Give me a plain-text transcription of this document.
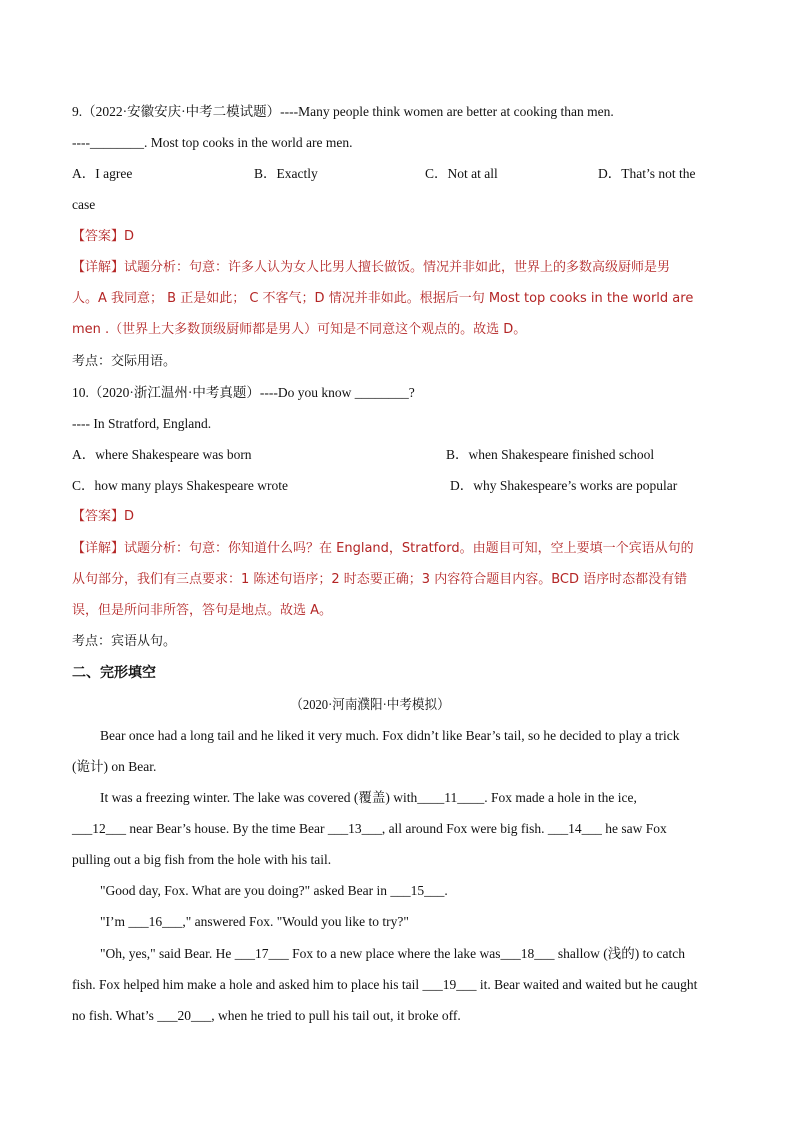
9.（2022·安徽安庆·中考二模试题）----Many people think women are better at cooking than men.
----________. Most top cooks in the world are men.
A．I agree	B．Exactly	C．Not at all	D．That’s not the
case
【答案】D
【详解】试题分析：句意：许多人认为女人比男人擅长做饭。情况并非如此，世界上的多数高级厨师是男
人。A 我同意； B 正是如此； C 不客气；D 情况并非如此。根据后一句 Most top cooks in the world are
men .（世界上大多数顶级厨师都是男人）可知是不同意这个观点的。故选 D。
考点：交际用语。
10.（2020·浙江温州·中考真题）----Do you know ________?
---- In Stratford, England.
A．where Shakespeare was born	B．when Shakespeare finished school
C．how many plays Shakespeare wrote	D．why Shakespeare’s works are popular
【答案】D
【详解】试题分析：句意：你知道什么吗？在 England，Stratford。由题目可知，空上要填一个宾语从句的
从句部分，我们有三点要求：1 陈述句语序；2 时态要正确；3 内容符合题目内容。BCD 语序时态都没有错
误，但是所问非所答，答句是地点。故选 A。
考点：宾语从句。
二、完形填空
（2020·河南濮阳·中考模拟）
Bear once had a long tail and he liked it very much. Fox didn’t like Bear’s tail, so he decided to play a trick
(诡计) on Bear.
It was a freezing winter. The lake was covered (覆盖) with____11____. Fox made a hole in the ice,
___12___ near Bear’s house. By the time Bear ___13___, all around Fox were big fish. ___14___ he saw Fox
pulling out a big fish from the hole with his tail.
"Good day, Fox. What are you doing?" asked Bear in ___15___.
"I’m ___16___," answered Fox. "Would you like to try?"
"Oh, yes," said Bear. He ___17___ Fox to a new place where the lake was___18___ shallow (浅的) to catch
fish. Fox helped him make a hole and asked him to place his tail ___19___ it. Bear waited and waited but he caught
no fish. What’s ___20___, when he tried to pull his tail out, it broke off.
